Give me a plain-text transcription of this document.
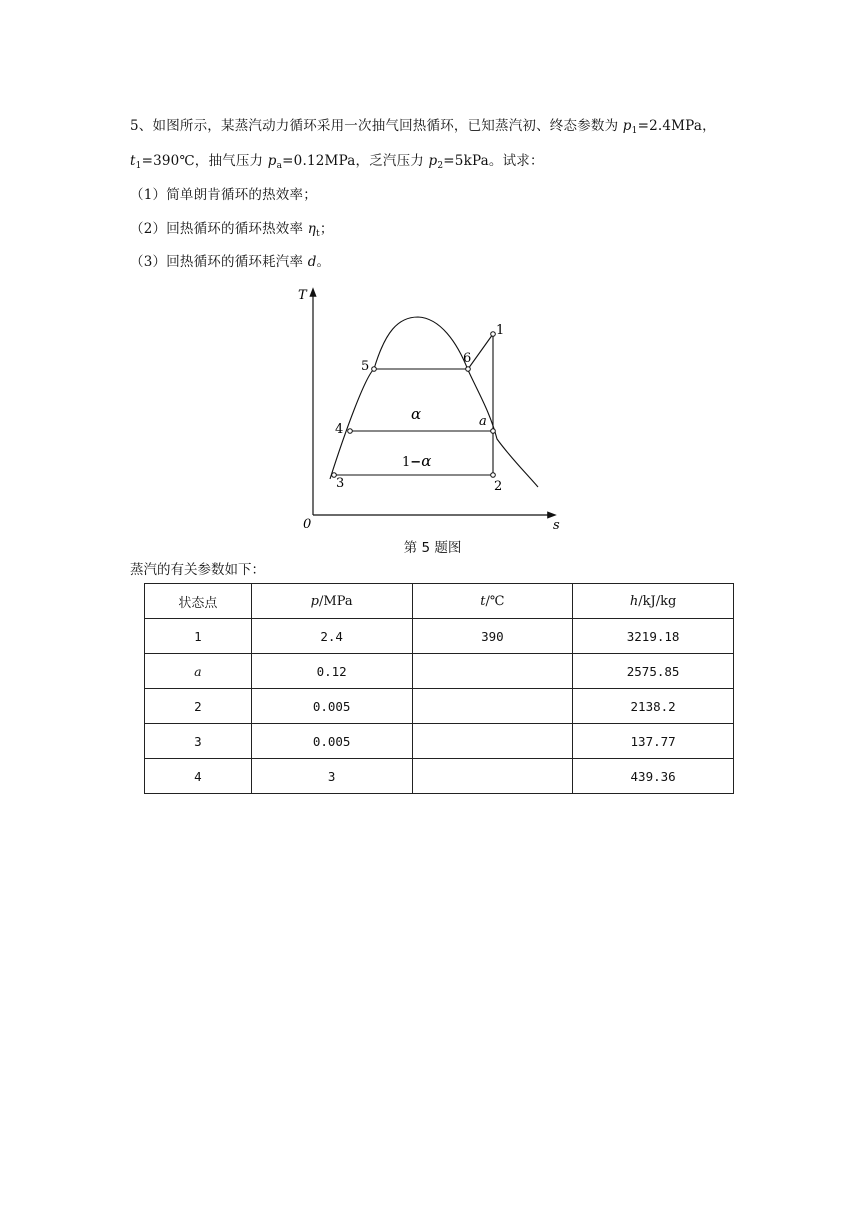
5、如图所示，某蒸汽动力循环采用一次抽气回热循环，已知蒸汽初、终态参数为 $p_1=2.4MPa$，
$t_1=390℃$，抽气压力 $p_a=0.12MPa$，乏汽压力 $p_2=5kPa$。试求：
（1）简单朗肯循环的热效率；
（2）回热循环的循环热效率 $\eta_t$；
（3）回热循环的循环耗汽率 d。
T
s
0
1
2
3
4
5
6
a
α
1−α
第 5 题图
蒸汽的有关参数如下：
状态点	p/MPa	t/℃	h/kJ/kg
1	2.4	390	3219.18
a	0.12		2575.85
2	0.005		2138.2
3	0.005		137.77
4	3		439.36
